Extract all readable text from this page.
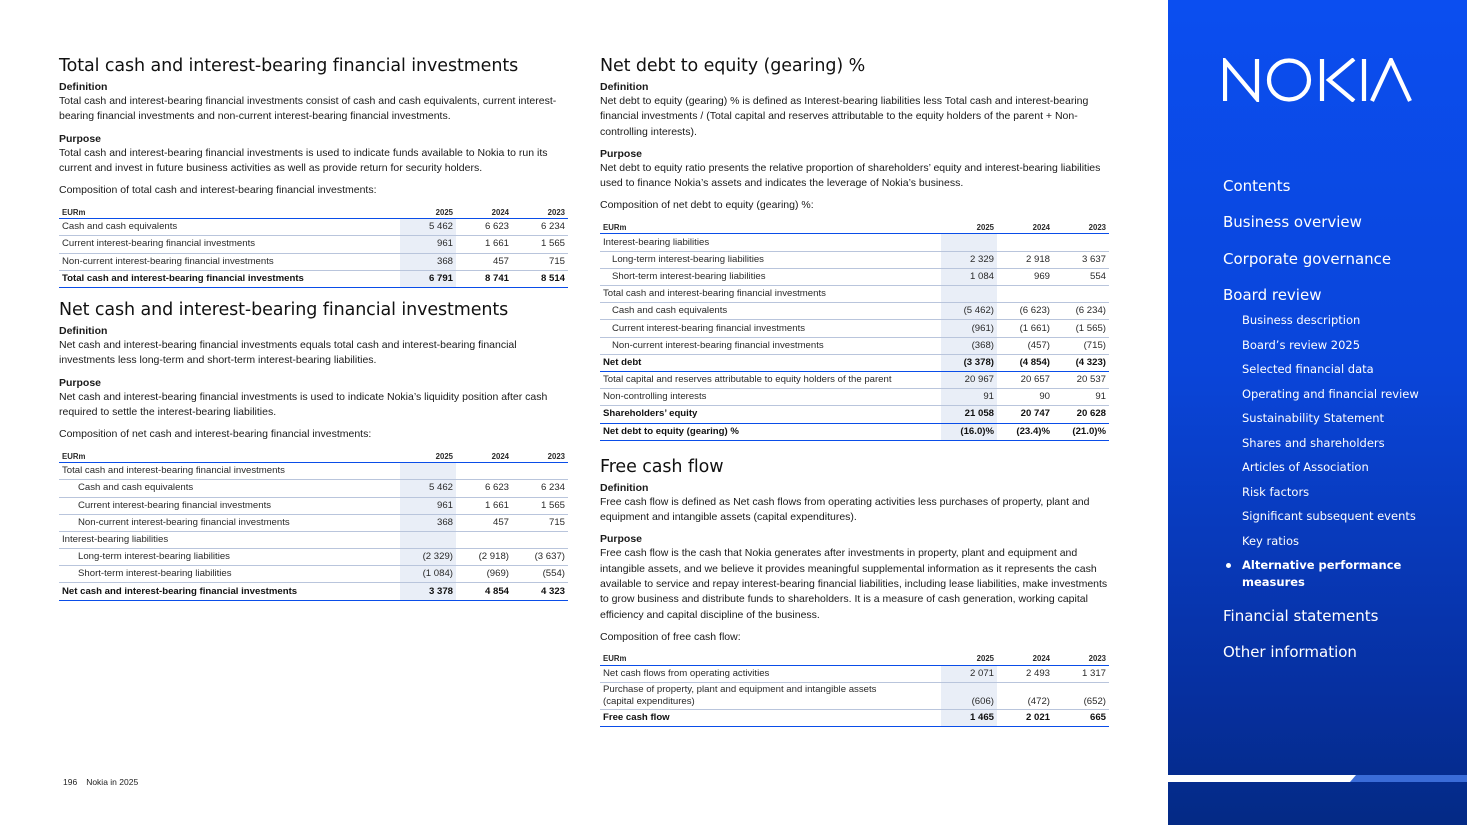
Total cash and interest-bearing financial investments

Definition

Total cash and interest-bearing financial investments consist of cash and cash equivalents, current interest-bearing financial investments and non-current interest-bearing financial investments.

Purpose

Total cash and interest-bearing financial investments is used to indicate funds available to Nokia to run its current and invest in future business activities as well as provide return for security holders.

Composition of total cash and interest-bearing financial investments:

EURm	2025	2024	2023
Cash and cash equivalents	5 462	6 623	6 234
Current interest-bearing financial investments	961	1 661	1 565
Non-current interest-bearing financial investments	368	457	715
Total cash and interest-bearing financial investments	6 791	8 741	8 514
Net cash and interest-bearing financial investments

Definition

Net cash and interest-bearing financial investments equals total cash and interest-bearing financial investments less long-term and short-term interest-bearing liabilities.

Purpose

Net cash and interest-bearing financial investments is used to indicate Nokia’s liquidity position after cash required to settle the interest-bearing liabilities.

Composition of net cash and interest-bearing financial investments:

EURm	2025	2024	2023
Total cash and interest-bearing financial investments			
Cash and cash equivalents	5 462	6 623	6 234
Current interest-bearing financial investments	961	1 661	1 565
Non-current interest-bearing financial investments	368	457	715
Interest-bearing liabilities			
Long-term interest-bearing liabilities	(2 329)	(2 918)	(3 637)
Short-term interest-bearing liabilities	(1 084)	(969)	(554)
Net cash and interest-bearing financial investments	3 378	4 854	4 323
Net debt to equity (gearing) %

Definition

Net debt to equity (gearing) % is defined as Interest-bearing liabilities less Total cash and interest-bearing financial investments / (Total capital and reserves attributable to the equity holders of the parent + Non-controlling interests).

Purpose

Net debt to equity ratio presents the relative proportion of shareholders’ equity and interest-bearing liabilities used to finance Nokia’s assets and indicates the leverage of Nokia’s business.

Composition of net debt to equity (gearing) %:

EURm	2025	2024	2023
Interest-bearing liabilities			
Long-term interest-bearing liabilities	2 329	2 918	3 637
Short-term interest-bearing liabilities	1 084	969	554
Total cash and interest-bearing financial investments			
Cash and cash equivalents	(5 462)	(6 623)	(6 234)
Current interest-bearing financial investments	(961)	(1 661)	(1 565)
Non-current interest-bearing financial investments	(368)	(457)	(715)
Net debt	(3 378)	(4 854)	(4 323)
Total capital and reserves attributable to equity holders of the parent	20 967	20 657	20 537
Non-controlling interests	91	90	91
Shareholders’ equity	21 058	20 747	20 628
Net debt to equity (gearing) %	(16.0)%	(23.4)%	(21.0)%
Free cash flow

Definition

Free cash flow is defined as Net cash flows from operating activities less purchases of property, plant and equipment and intangible assets (capital expenditures).

Purpose

Free cash flow is the cash that Nokia generates after investments in property, plant and equipment and intangible assets, and we believe it provides meaningful supplemental information as it represents the cash available to service and repay interest-bearing financial liabilities, including lease liabilities, make investments to grow business and distribute funds to shareholders. It is a measure of cash generation, working capital efficiency and capital discipline of the business.

Composition of free cash flow:

EURm	2025	2024	2023
Net cash flows from operating activities	2 071	2 493	1 317
Purchase of property, plant and equipment and intangible assets (capital expenditures)	(606)	(472)	(652)
Free cash flow	1 465	2 021	665
196 Nokia in 2025
Contents
Business overview
Corporate governance
Board review
Business description
Board’s review 2025
Selected financial data
Operating and financial review
Sustainability Statement
Shares and shareholders
Articles of Association
Risk factors
Significant subsequent events
Key ratios
Alternative performance
measures
Financial statements
Other information
